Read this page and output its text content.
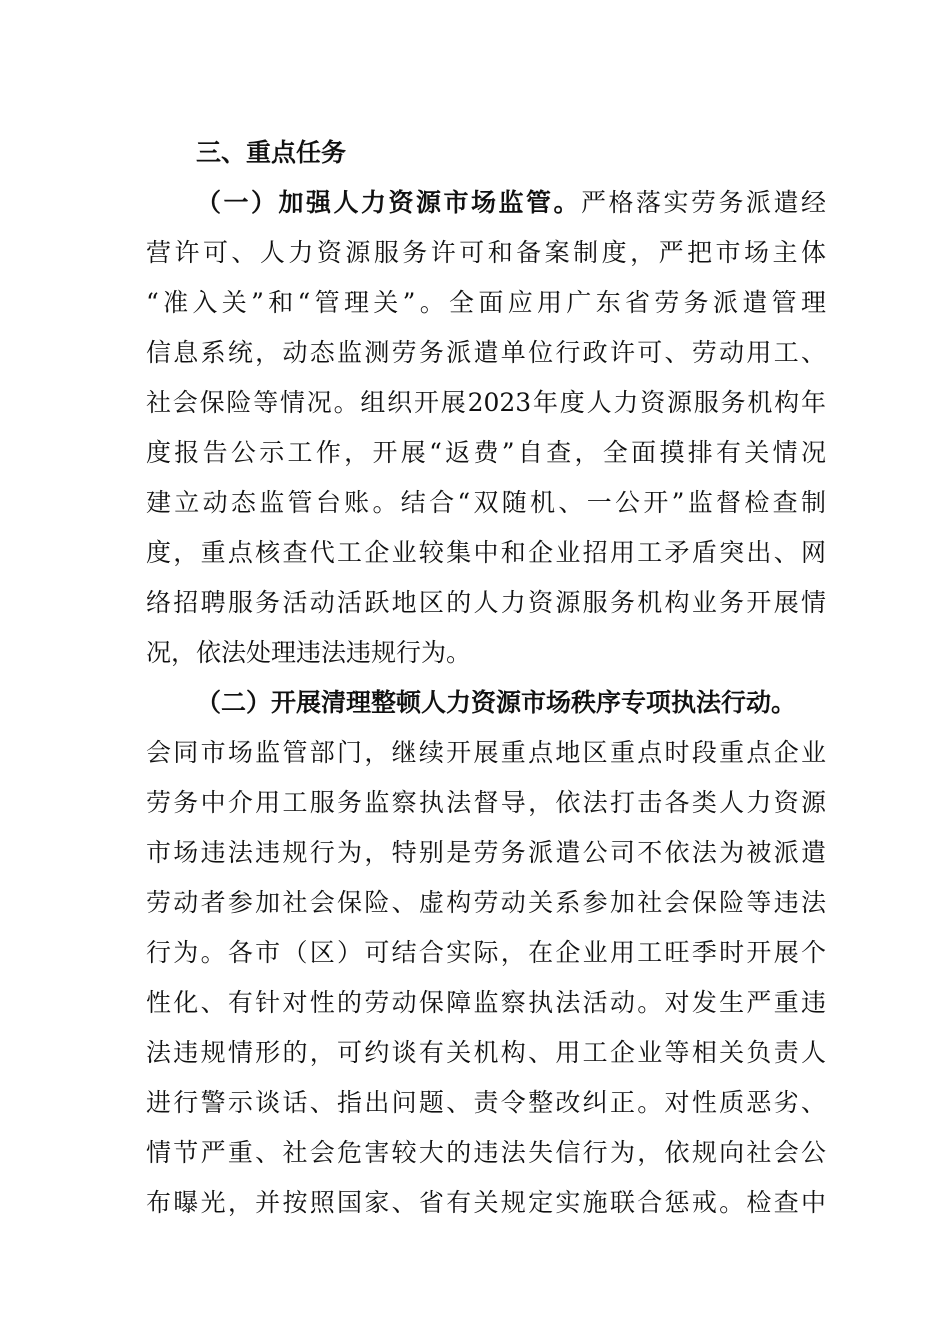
三、重点任务
（一）加强人力资源市场监管。严格落实劳务派遣经
营许可、人力资源服务许可和备案制度，严把市场主体
“准入关”和“管理关”。全面应用广东省劳务派遣管理
信息系统，动态监测劳务派遣单位行政许可、劳动用工、
社会保险等情况。组织开展2023年度人力资源服务机构年
度报告公示工作，开展“返费”自查，全面摸排有关情况
建立动态监管台账。结合“双随机、一公开”监督检查制
度，重点核查代工企业较集中和企业招用工矛盾突出、网
络招聘服务活动活跃地区的人力资源服务机构业务开展情
况，依法处理违法违规行为。
（二）开展清理整顿人力资源市场秩序专项执法行动。
会同市场监管部门，继续开展重点地区重点时段重点企业
劳务中介用工服务监察执法督导，依法打击各类人力资源
市场违法违规行为，特别是劳务派遣公司不依法为被派遣
劳动者参加社会保险、虚构劳动关系参加社会保险等违法
行为。各市（区）可结合实际，在企业用工旺季时开展个
性化、有针对性的劳动保障监察执法活动。对发生严重违
法违规情形的，可约谈有关机构、用工企业等相关负责人
进行警示谈话、指出问题、责令整改纠正。对性质恶劣、
情节严重、社会危害较大的违法失信行为，依规向社会公
布曝光，并按照国家、省有关规定实施联合惩戒。检查中
